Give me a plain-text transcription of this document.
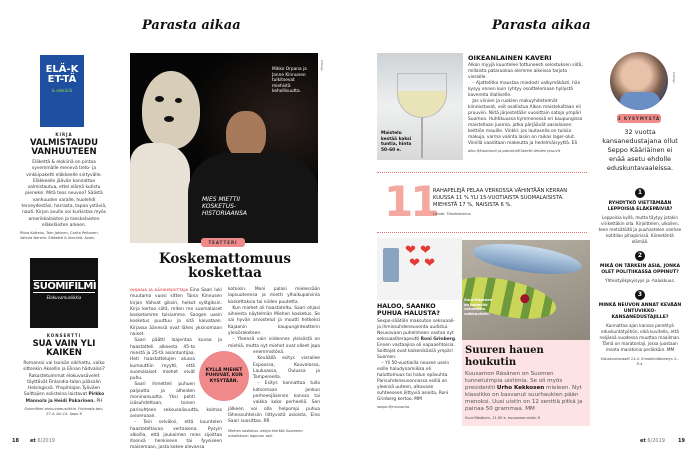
Parasta aikaa	Parasta aikaa
ELÄ-KET-TÄ
& elokiiriä
KIRJA
VALMISTAUDU VANHUUTEEN
Eläkettä & elokiiriä on pintaa syvemmälle menevä tieto- ja vinkkipaketti eläkkeelle siirtyvälle. Eläkkeelle jäävän kannattaa valmistautua, ettei elämä kutistu pieneksi. Mitä teos neuvoo? Säästä vanhuuden varalle, huolehdi terveydestäsi, harrasta, tapaa ystäviä, nauti. Kirjan avulla voi kurkistaa myös amerikkalaisten ja tanskalaisten eläkeläisten arkeen.
Ritva Kotteus, Tom Jokinen, Carita Peltonen, Valeria Nerwin: Eläkettä & elokiiriä. Avain.
SUOMIFILMI
Elokuvamusiikkia
KONSERTTI
SUA VAIN YLI KAIKEN
Romanssi vai tsoisän oikihattu, vaiko sittenkin Aksellin ja Elinan hädvalssi? Rakastetuimmat elokuvasävelet täyttävät Finlandia-talon pääsalin Helsingissä. Yhspihlajan Työväen Soittajien solisteina loistavat Pirkko Mannola ja Heidi Pakarinen. PH
Suomifilmi-elokuvamusiikkia, Finlandia-talo, 27.4. klo 14. lippu.fi
Mikko Orpana ja Janne Kinnunen tulkitsevat miehistä kehollisuutta.
MIES MIETTII KOSKETUS-HISTORIAANSA
KUVAAJA
TEATTERI
Koskemattomuus koskettaa
OHJAAJA JA KÄSIKIRJOITTAJA Eino Saari luki muutama vuosi sitten Taina Kinnusen kirjan Vahvat giksin, heikot sylitgiksin. Kirja kertoo siitä, miten me suomalaiset kosketamme toisiamme. Sangen usein kosketus puuttuu ja sitä kaivataan. Kirjassa äänessä ovat lähes yksinomaan naiset.
 Saari päätti laajentaa kuvaa ja haastatteli alkeesta 45-ta miestä ja 25-tä asiantuntijaa. Heti haastattelujen alussa kumouttiin myytti, että suomalaiset miehet eivät puhu.
 Saari ihmetteli puhuen paljoutta ja alheiden moninaisuutta. Yksi pohti isäsuhdettaan, toinen parisuhteen seksuaalisuutta, kolmas avioeroaan.
 – Tein selväksi, että kuuntelen haastateltavaa vertaisena. Pysyin alkoilla, että joukaimen mies sijoittaa itsensä henkiseen tai fyysiseen maisemaan, josta kokee olevansa
kotoisin. Moni palasi mielessään lapsuuteensa ja mietti ylhaikupolvinia koskettaksia tai niiden puutetta.
 Kun miehet oli haastateltu, Saari ohjasi aiheesta näytelmän Miehen kosketus. Se sai hyvän arvostelut ja muutti hetkeksi Kajaanin kaupunginteatterin yleisöraketeen.
 – Yleensä vain viidennes yleisöstä on miehiä, mutta nyt miehet ovat olleet jopa enemmistönä.
 Keväällä esitys vierailee Espoossa, Kouvolassa, Laukaassa, Oulussa ja Tampereella.
 – Esitys kannattaa tulla katsomaan jonkun perheenjäsenen kanssa tai vaikka koko perheellä. Sen jälkeen voi olla helpompi puhua läheissuhteisiin liittyvistä asioista, Eino Saari suosittaa. RR
Miehen kosketus -esitys kiertää Suomeen maaliskuun loppuun asti.
KYLLÄ MIEHET PUHUVAT, KUN KYSYTÄÄN.
18 et 6/2019
Maistelu kestää kaksi tuntia, hinta 50–60 e.
OIKEANLAINEN KAVERI
Alkon myyjä kuuntelee tottuneesti selostuksen siitä, millaista pataruokaa olemme aikeissa tarjota vieraille.
 – Ajattelitko maustaa miedosti valkymäkästi, hän kysyy ennen kuin ryhtyy osoittelemaan hyllystä kavereita illalliselle.
 Jos viinien ja ruokien makuyhdistelmät kiinnostavat, voit osallistua Alkon maisteluiltaan eli pruuviin. Niitä järjestetään vuosittain satoja ympäri Suomea. Huhtikuussa kymmenessä eri kaupungissa maistellaan juomia, jotka pärjäävät aasialaisen keittiön mauille. Vinkki: jos lautasella on tulisia makuja, varma valinta lasiin on raikas lager-olut. Viinillä vaaditaan makeutta ja hedelmäisyyttä. ES
alko.fi/tasioinnit-ja-palvelut/Elisketti-lehden pruuvit
11
RAHAPELEJÄ PELAA VERKOSSA VÄHINTÄÄN KERRAN KUUSSA 11 % YLI 15-VUOTIAISTA SUOMALAISISTA. MIEHISTÄ 17 %, NAISISTA 6 %.
Lähde: Tilastokeskus
❤ ❤
❤ ❤
HALOO, SAANKO PUHUA HALUSTA?
Sexpo-säätiön maksuton seksuaali- ja ihmissuhdeneuvonta uudistui. Neuvovaan puhelimeen vastaa nyt seksuaaliterapeutti Roni Grinberg. Ennen vastaajina oli vapaaehtoisia. Soittajat ovat kaikenikäisiä ympäri Suomen.
 – Yli 50-vuotiailla nousee usein esille haludynamiikka eli haluttomuus tai halun epäsuhta. Parisuhdeneuvonnassa esillä on yleensä uuteen, alkavaan suhteeseen liittyviä asioita, Roni Grinberg kertoo. MM
sexpo.fi/neuvonta
Suur-Räsänen on helmellä varustettu vaikkauistin.
Suuren hauen houkutin
Kuusamon Räsänen on Suomen tunnetuimpia uistimia. Se oli myös presidentti Urho Kekkosen mieleen. Nyt klassikko on kasvanut suurhaukien pään menoksi. Uusi uistin on 12 senttiä pitkä ja painaa 50 grammaa. MM
Suur-Räsänen, 11,90 e. kuusamonuistin.fi
KUVAAJA
3 KYSYMYSTÄ
32 vuotta kansanedustajana ollut Seppo Kääriäinen ei enää asetu ehdolle eduskuntavaaleissa.
1
RYHDYTKÖ VIETTÄMÄÄN LEPPOISIA ELÄKEPÄIVIÄ?
Leppoisia kyllä, mutta täytyy jotakin virikettäkin olla. Kirjoittelen, ulkoilen, teen metsätöitä ja puuhastelen vanhan kotitilan pihapiirissä. Kiireetöntä elämää.
2
MIKÄ ON TÄRKEIN ASIA, JONKA OLET POLITIIKASSA OPPINUT?
Yhteistyökykyisyys ja -halukkuus.
3
MINKÄ NEUVON ANNAT KEVÄÄN UNTUVIKKO-KANSANEDUSTAJILLE?
Kannattaa ajan kanssa perehtyä eduskuntatyöhön, eikä kuvitella, että neljässä vuodessa muuttaa maailman. Tämä on maratonlaji, jossa juostaan monta maratonia peräkkäin. MM
Eduskuntavaalit 14.4. Ennakkoäänestys 3.–9.4.
et 6/2019	19
